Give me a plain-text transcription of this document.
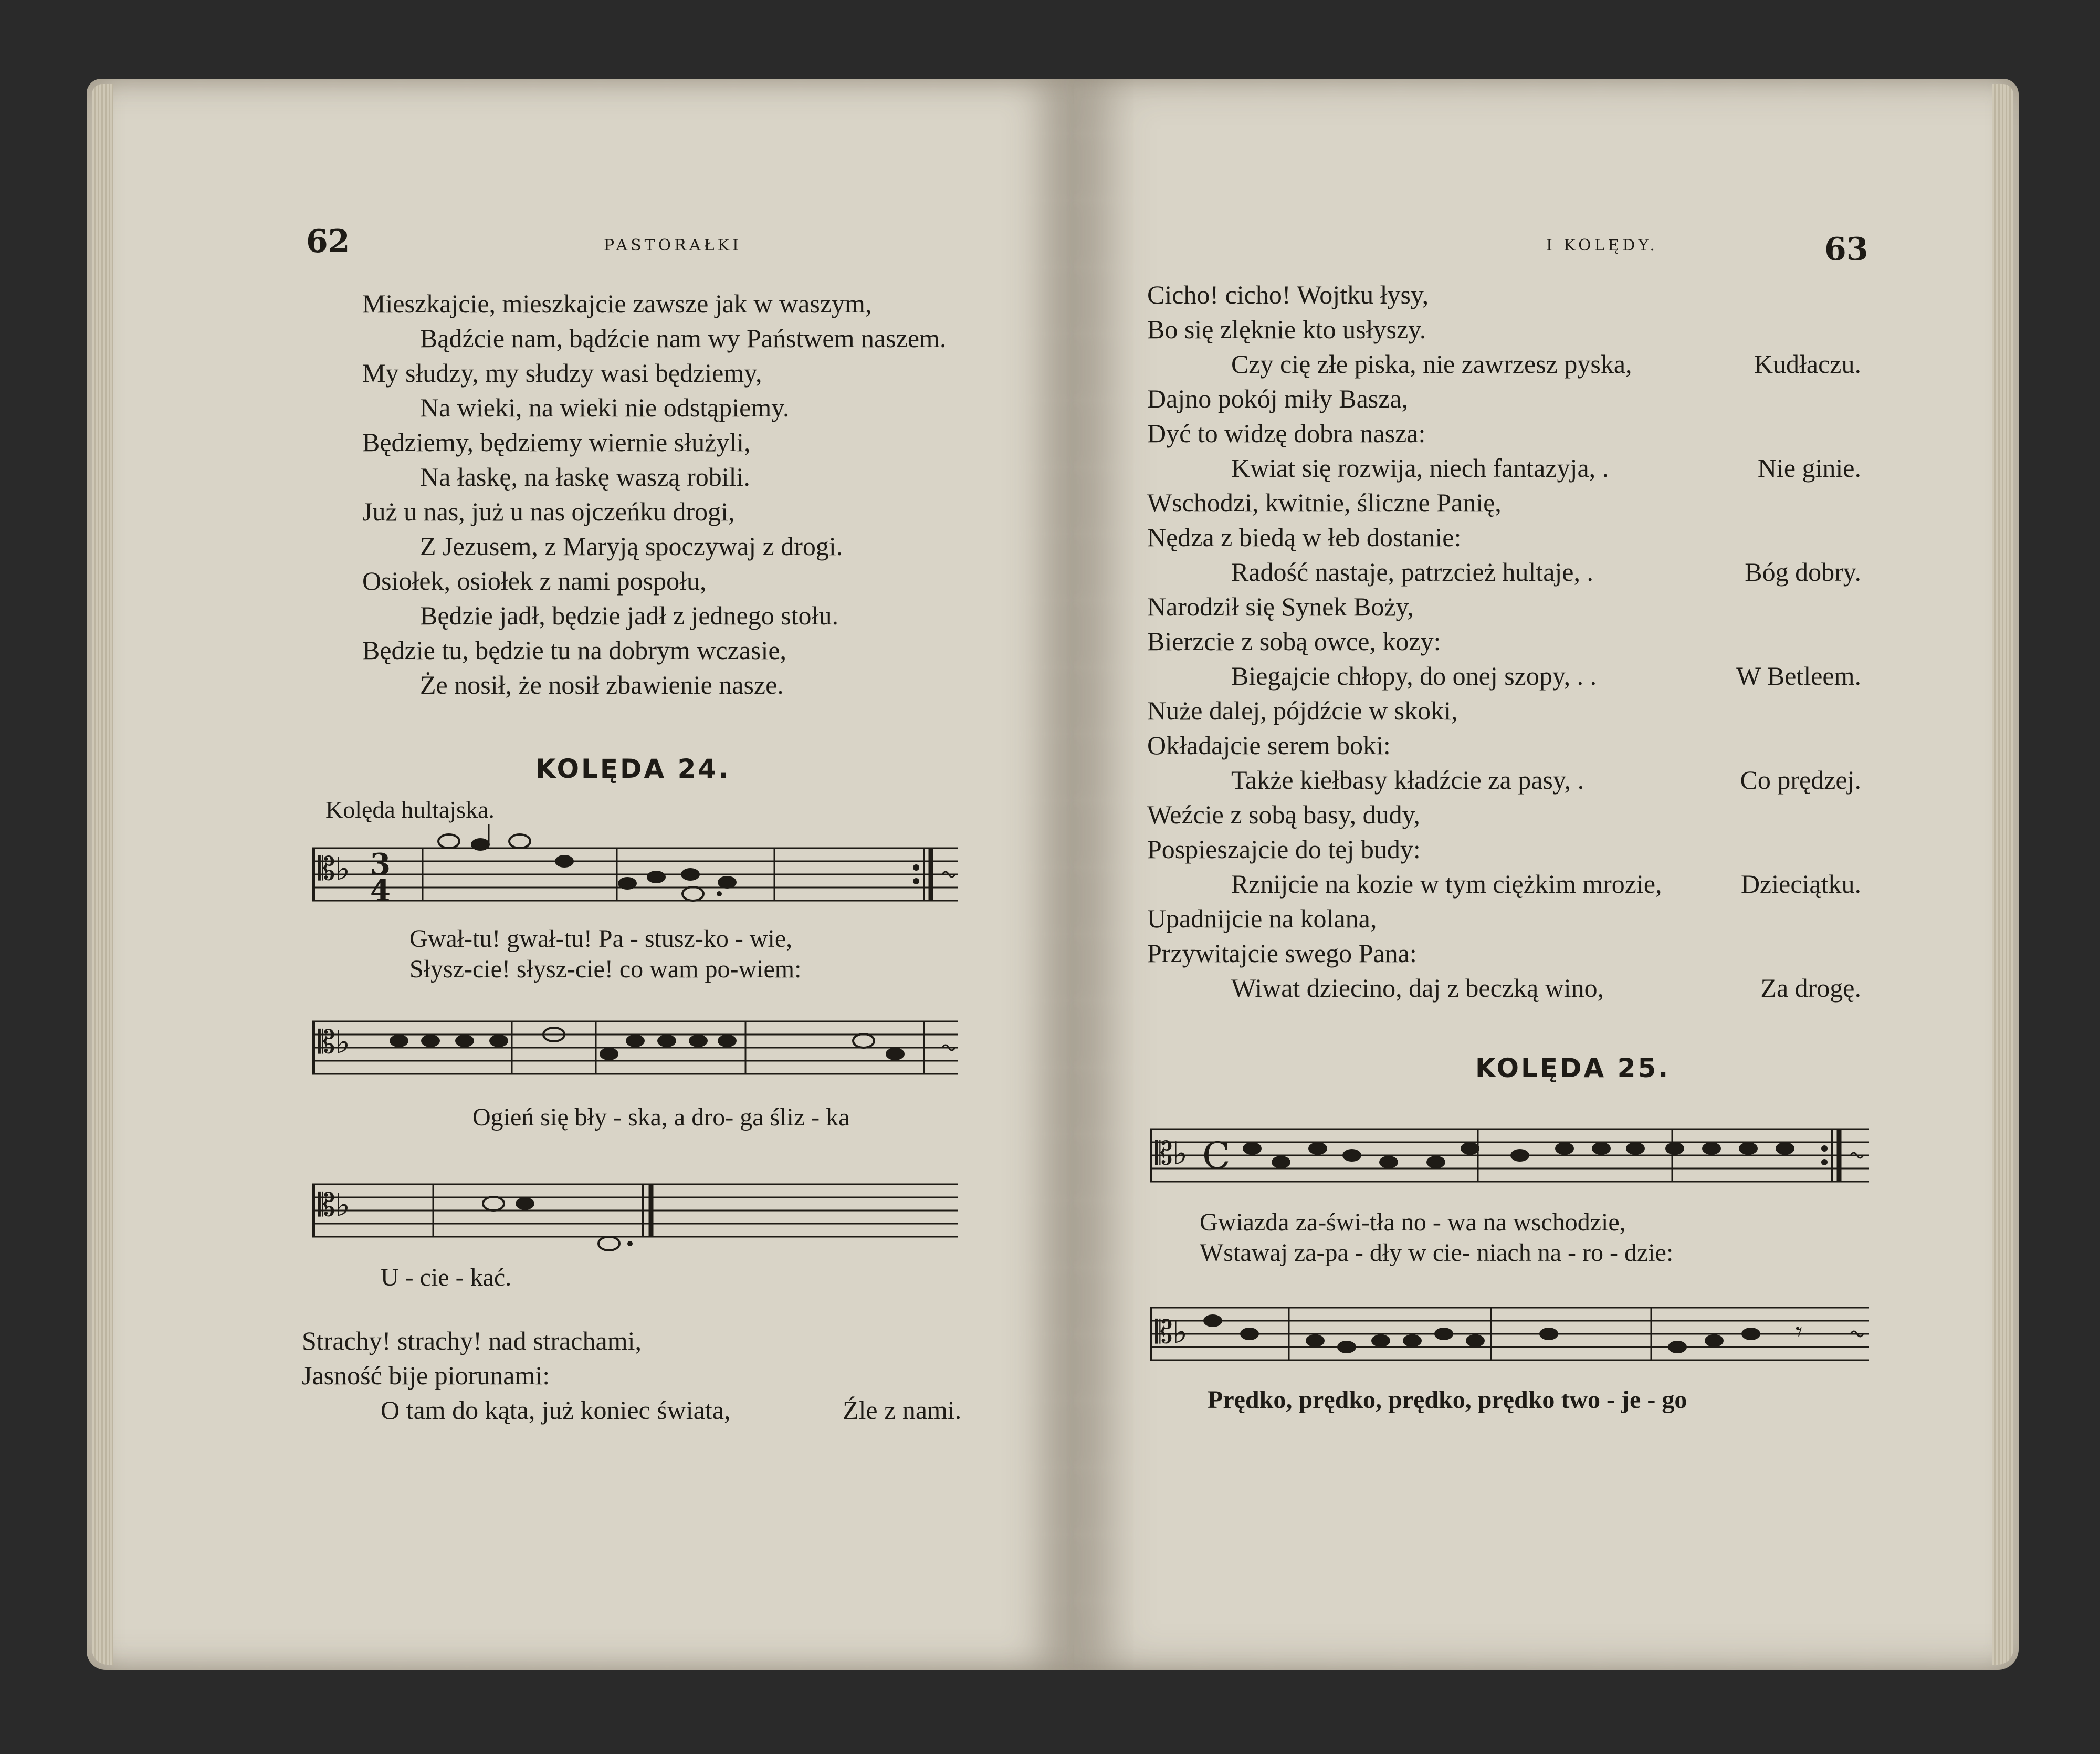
62	PASTORAŁKI
Mieszkajcie, mieszkajcie zawsze jak w waszym,
Bądźcie nam, bądźcie nam wy Państwem naszem.
My słudzy, my słudzy wasi będziemy,
Na wieki, na wieki nie odstąpiemy.
Będziemy, będziemy wiernie służyli,
Na łaskę, na łaskę waszą robili.
Już u nas, już u nas ojczeńku drogi,
Z Jezusem, z Maryją spoczywaj z drogi.
Osiołek, osiołek z nami pospołu,
Będzie jadł, będzie jadł z jednego stołu.
Będzie tu, będzie tu na dobrym wczasie,
Że nosił, że nosił zbawienie nasze.
KOLĘDA 24.
Kolęda hultajska.
𝄡♭ 3
4
Gwał-tu! gwał-tu! Pa - stusz-ko - wie,
Słysz-cie! słysz-cie! co wam po-wiem:
𝄡♭
Ogień się bły - ska, a dro- ga śliz - ka
𝄡♭
U - cie - kać.
Strachy! strachy! nad strachami,
Jasność bije piorunami:
O tam do kąta, już koniec świata,	Źle z nami.
I KOLĘDY.	63
Cicho! cicho! Wojtku łysy,
Bo się zlęknie kto usłyszy.
Czy cię złe piska, nie zawrzesz pyska,	Kudłaczu.
Dajno pokój miły Basza,
Dyć to widzę dobra nasza:
Kwiat się rozwija, niech fantazyja, .	Nie ginie.
Wschodzi, kwitnie, śliczne Panię,
Nędza z biedą w łeb dostanie:
Radość nastaje, patrzcież hultaje, .	Bóg dobry.
Narodził się Synek Boży,
Bierzcie z sobą owce, kozy:
Biegajcie chłopy, do onej szopy, . .	W Betleem.
Nuże dalej, pójdźcie w skoki,
Okładajcie serem boki:
Także kiełbasy kładźcie za pasy, .	Co prędzej.
Weźcie z sobą basy, dudy,
Pospieszajcie do tej budy:
Rznijcie na kozie w tym ciężkim mrozie,	Dzieciątku.
Upadnijcie na kolana,
Przywitajcie swego Pana:
Wiwat dziecino, daj z beczką wino,	Za drogę.
KOLĘDA 25.
𝄡♭ C
Gwiazda za-świ-tła no - wa na wschodzie,
Wstawaj za-pa - dły w cie- niach na - ro - dzie:
𝄡♭	𝄾
Prędko, prędko, prędko, prędko two - je - go
